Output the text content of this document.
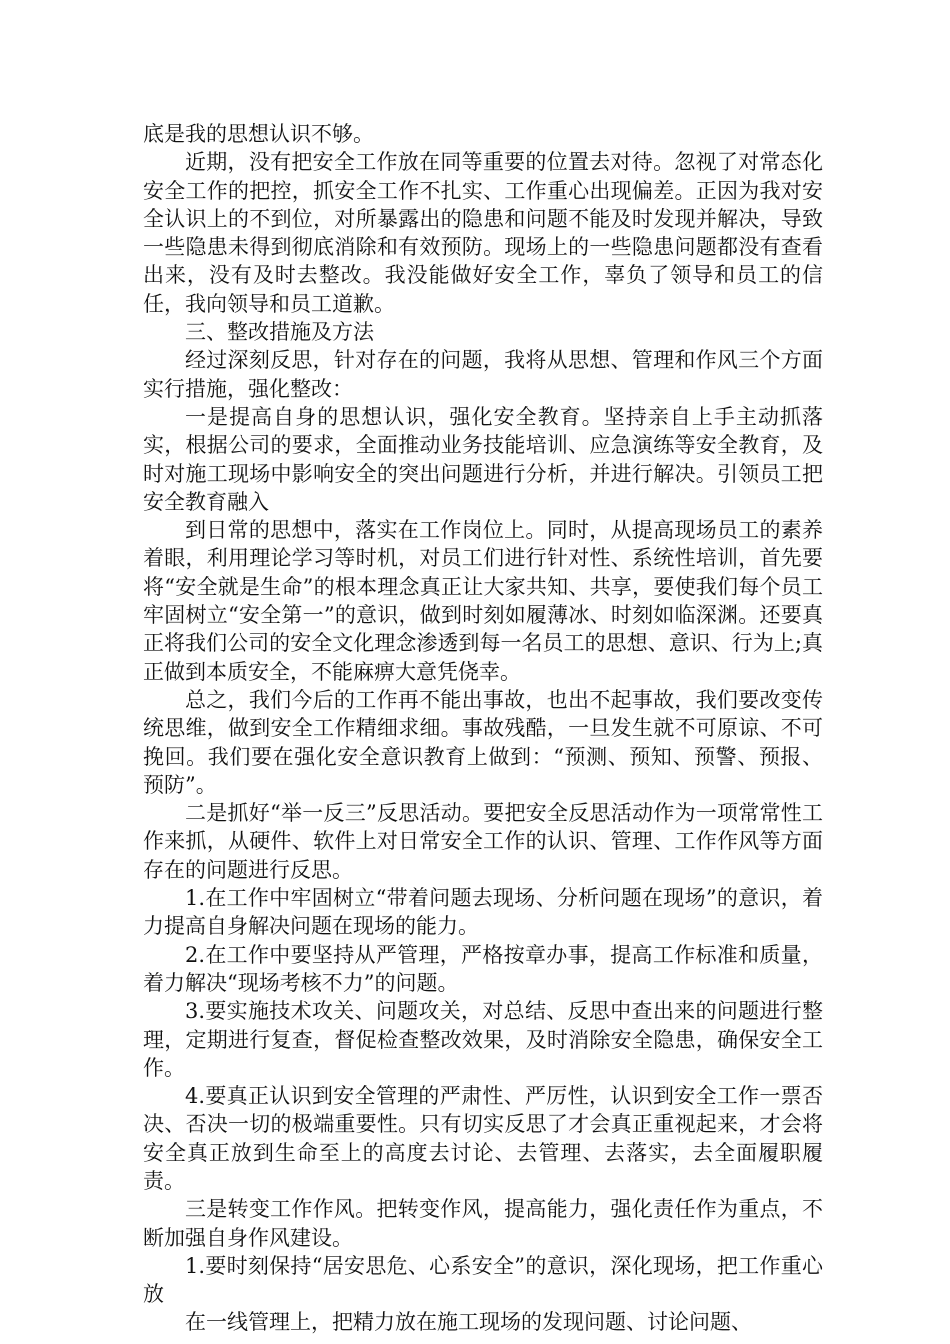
底是我的思想认识不够。

近期，没有把安全工作放在同等重要的位置去对待。忽视了对常态化安全工作的把控，抓安全工作不扎实、工作重心出现偏差。正因为我对安全认识上的不到位，对所暴露出的隐患和问题不能及时发现并解决，导致一些隐患未得到彻底消除和有效预防。现场上的一些隐患问题都没有查看出来，没有及时去整改。我没能做好安全工作，辜负了领导和员工的信任，我向领导和员工道歉。

三、整改措施及方法

经过深刻反思，针对存在的问题，我将从思想、管理和作风三个方面实行措施，强化整改：

一是提高自身的思想认识，强化安全教育。坚持亲自上手主动抓落实，根据公司的要求，全面推动业务技能培训、应急演练等安全教育，及时对施工现场中影响安全的突出问题进行分析，并进行解决。引领员工把安全教育融入

到日常的思想中，落实在工作岗位上。同时，从提高现场员工的素养着眼，利用理论学习等时机，对员工们进行针对性、系统性培训，首先要将“安全就是生命”的根本理念真正让大家共知、共享，要使我们每个员工牢固树立“安全第一”的意识，做到时刻如履薄冰、时刻如临深渊。还要真正将我们公司的安全文化理念渗透到每一名员工的思想、意识、行为上;真正做到本质安全，不能麻痹大意凭侥幸。

总之，我们今后的工作再不能出事故，也出不起事故，我们要改变传统思维，做到安全工作精细求细。事故残酷，一旦发生就不可原谅、不可挽回。我们要在强化安全意识教育上做到：“预测、预知、预警、预报、预防”。

二是抓好“举一反三”反思活动。要把安全反思活动作为一项常常性工作来抓，从硬件、软件上对日常安全工作的认识、管理、工作作风等方面存在的问题进行反思。

1.在工作中牢固树立“带着问题去现场、分析问题在现场”的意识，着力提高自身解决问题在现场的能力。

2.在工作中要坚持从严管理，严格按章办事，提高工作标准和质量，着力解决“现场考核不力”的问题。

3.要实施技术攻关、问题攻关，对总结、反思中查出来的问题进行整理，定期进行复查，督促检查整改效果，及时消除安全隐患，确保安全工作。

4.要真正认识到安全管理的严肃性、严厉性，认识到安全工作一票否决、否决一切的极端重要性。只有切实反思了才会真正重视起来，才会将安全真正放到生命至上的高度去讨论、去管理、去落实，去全面履职履责。

三是转变工作作风。把转变作风，提高能力，强化责任作为重点，不断加强自身作风建设。

1.要时刻保持“居安思危、心系安全”的意识，深化现场，把工作重心放

在一线管理上，把精力放在施工现场的发现问题、讨论问题、
